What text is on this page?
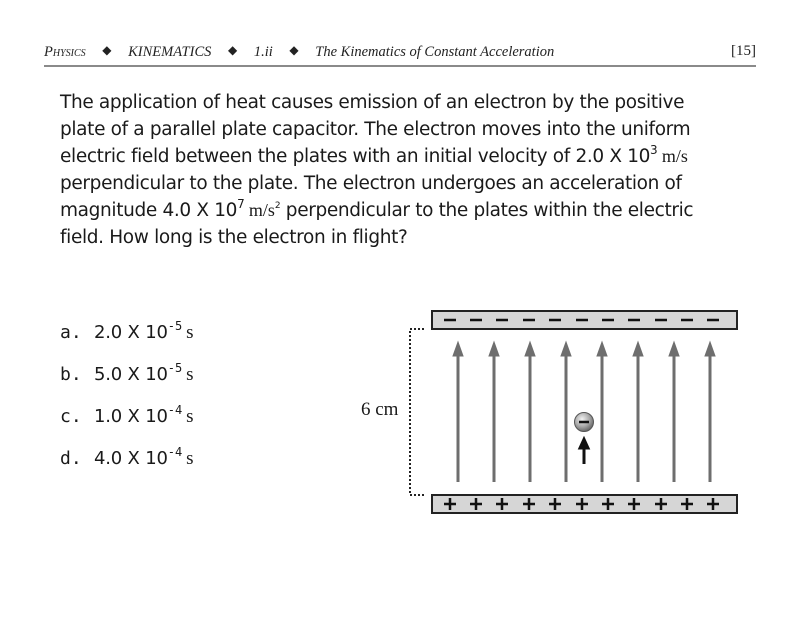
Physics ◆ KINEMATICS ◆ 1.ii ◆ The Kinematics of Constant Acceleration	[15]
The application of heat causes emission of an electron by the positive
plate of a parallel plate capacitor. The electron moves into the uniform
electric field between the plates with an initial velocity of 2.0 X $10^3$ m/s
perpendicular to the plate. The electron undergoes an acceleration of
magnitude 4.0 X $10^7$ $m/s^2$ perpendicular to the plates within the electric
field. How long is the electron in flight?
a. 2.0 X $10^{-5}$ s
b. 5.0 X $10^{-5}$ s
c. 1.0 X $10^{-4}$ s
d. 4.0 X $10^{-4}$ s
6 cm
